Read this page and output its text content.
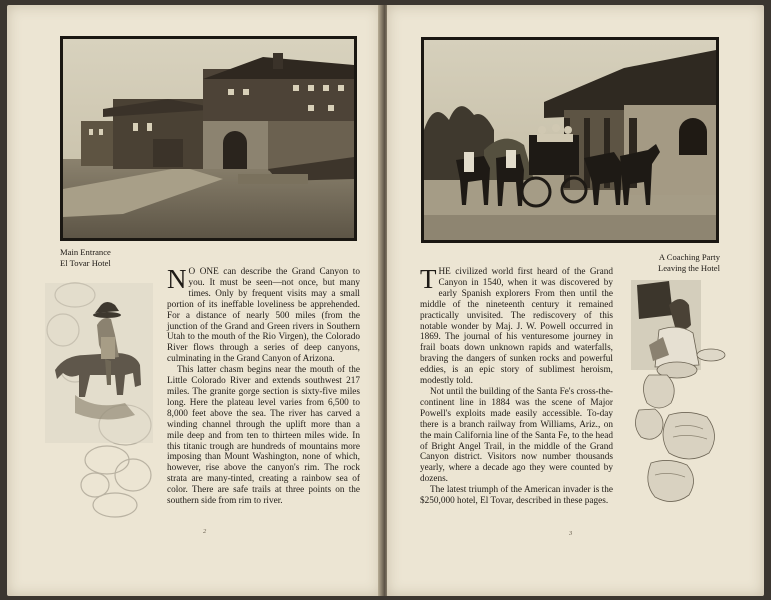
Main Entrance
El Tovar Hotel

N O ONE can describe the Grand Canyon to you. It must be seen—not once, but many times. Only by frequent visits may a small portion of its ineffable loveliness be apprehended. For a distance of nearly 500 miles (from the junction of the Grand and Green rivers in Southern Utah to the mouth of the Rio Virgen), the Colorado River flows through a series of deep canyons, culminating in the Grand Canyon of Arizona.

This latter chasm begins near the mouth of the Little Colorado River and extends southwest 217 miles. The granite gorge section is sixty-five miles long. Here the plateau level varies from 6,500 to 8,000 feet above the sea. The river has carved a winding channel through the uplift more than a mile deep and from ten to thirteen miles wide. In this titanic trough are hundreds of mountains more imposing than Mount Washington, none of which, however, rise above the canyon's rim. The rock strata are many-tinted, creating a rainbow sea of color. There are safe trails at three points on the southern side from rim to river.

2
A Coaching Party
Leaving the Hotel

THE civilized world first heard of the Grand Canyon in 1540, when it was discovered by early Spanish explorers From then until the middle of the nineteenth century it remained practically unvisited. The rediscovery of this notable wonder by Maj. J. W. Powell occurred in 1869. The journal of his venturesome journey in frail boats down unknown rapids and waterfalls, braving the dangers of sunken rocks and powerful eddies, is an epic story of sublimest heroism, modestly told.

Not until the building of the Santa Fe's cross-the-continent line in 1884 was the scene of Major Powell's exploits made easily accessible. To-day there is a branch railway from Williams, Ariz., on the main California line of the Santa Fe, to the head of Bright Angel Trail, in the middle of the Grand Canyon district. Visitors now number thousands yearly, where a decade ago they were counted by dozens.

The latest triumph of the American invader is the $250,000 hotel, El Tovar, described in these pages.

3
